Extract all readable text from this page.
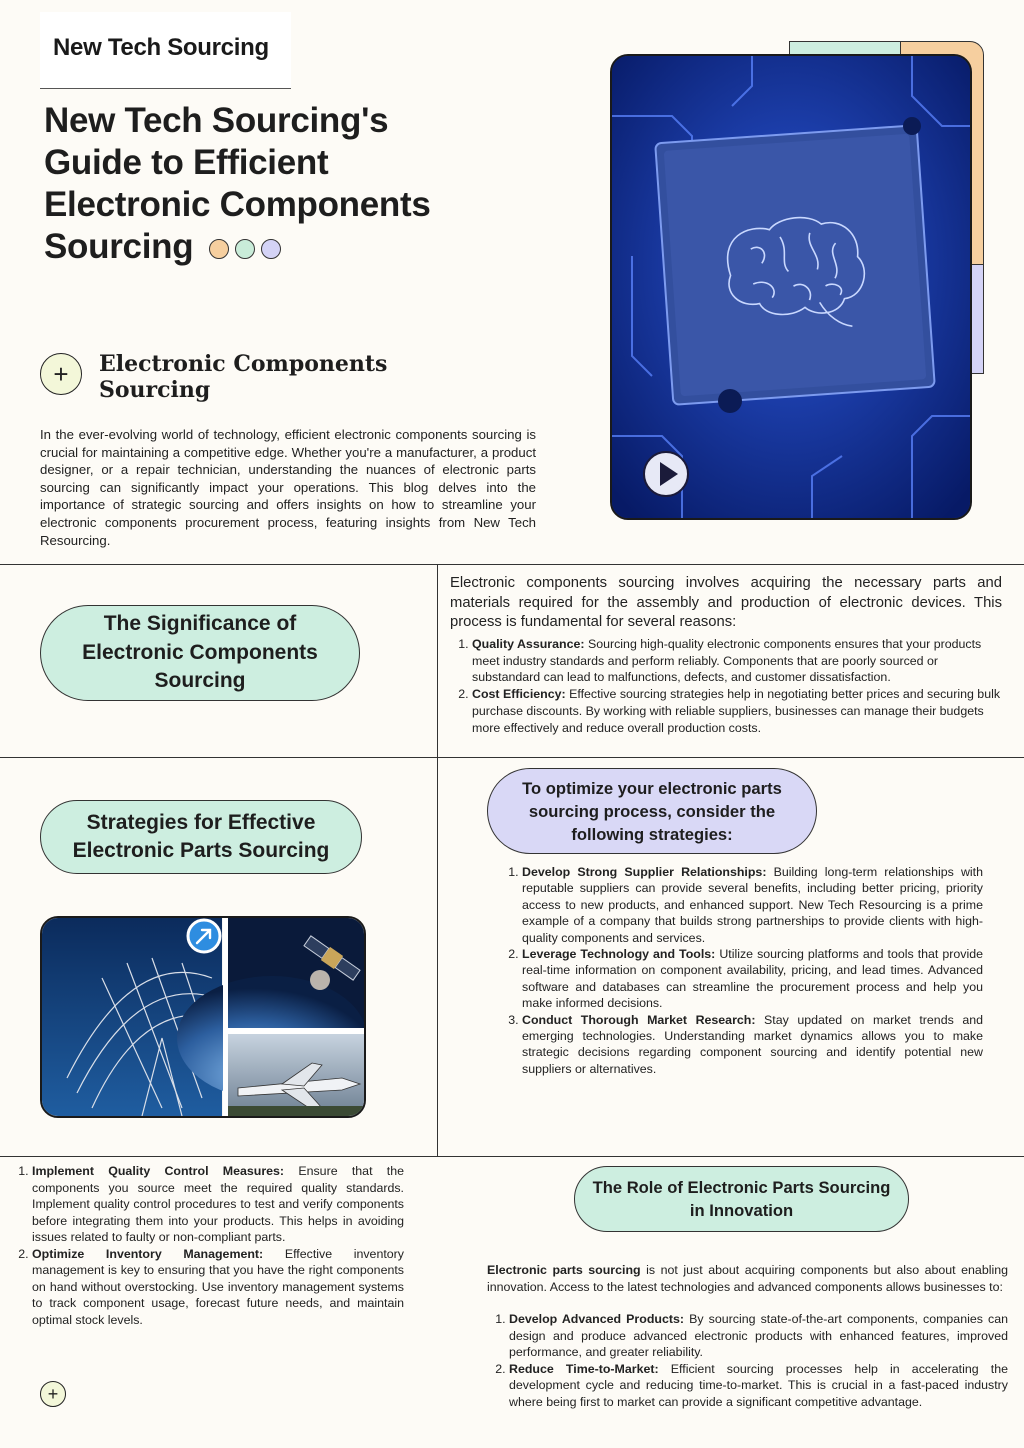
New Tech Sourcing
New Tech Sourcing's Guide to Efficient Electronic Components Sourcing
+ Electronic Components Sourcing
In the ever-evolving world of technology, efficient electronic components sourcing is crucial for maintaining a competitive edge. Whether you're a manufacturer, a product designer, or a repair technician, understanding the nuances of electronic parts sourcing can significantly impact your operations. This blog delves into the importance of strategic sourcing and offers insights on how to streamline your electronic components procurement process, featuring insights from New Tech Resourcing.
The Significance of Electronic Components Sourcing
Electronic components sourcing involves acquiring the necessary parts and materials required for the assembly and production of electronic devices. This process is fundamental for several reasons:
1. Quality Assurance: Sourcing high-quality electronic components ensures that your products meet industry standards and perform reliably. Components that are poorly sourced or substandard can lead to malfunctions, defects, and customer dissatisfaction.
2. Cost Efficiency: Effective sourcing strategies help in negotiating better prices and securing bulk purchase discounts. By working with reliable suppliers, businesses can manage their budgets more effectively and reduce overall production costs.
Strategies for Effective Electronic Parts Sourcing
To optimize your electronic parts sourcing process, consider the following strategies:
1. Develop Strong Supplier Relationships: Building long-term relationships with reputable suppliers can provide several benefits, including better pricing, priority access to new products, and enhanced support. New Tech Resourcing is a prime example of a company that builds strong partnerships to provide clients with high-quality components and services.
2. Leverage Technology and Tools: Utilize sourcing platforms and tools that provide real-time information on component availability, pricing, and lead times. Advanced software and databases can streamline the procurement process and help you make informed decisions.
3. Conduct Thorough Market Research: Stay updated on market trends and emerging technologies. Understanding market dynamics allows you to make strategic decisions regarding component sourcing and identify potential new suppliers or alternatives.
1. Implement Quality Control Measures: Ensure that the components you source meet the required quality standards. Implement quality control procedures to test and verify components before integrating them into your products. This helps in avoiding issues related to faulty or non-compliant parts.
2. Optimize Inventory Management: Effective inventory management is key to ensuring that you have the right components on hand without overstocking. Use inventory management systems to track component usage, forecast future needs, and maintain optimal stock levels.
+
The Role of Electronic Parts Sourcing in Innovation
Electronic parts sourcing is not just about acquiring components but also about enabling innovation. Access to the latest technologies and advanced components allows businesses to:
1. Develop Advanced Products: By sourcing state-of-the-art components, companies can design and produce advanced electronic products with enhanced features, improved performance, and greater reliability.
2. Reduce Time-to-Market: Efficient sourcing processes help in accelerating the development cycle and reducing time-to-market. This is crucial in a fast-paced industry where being first to market can provide a significant competitive advantage.
